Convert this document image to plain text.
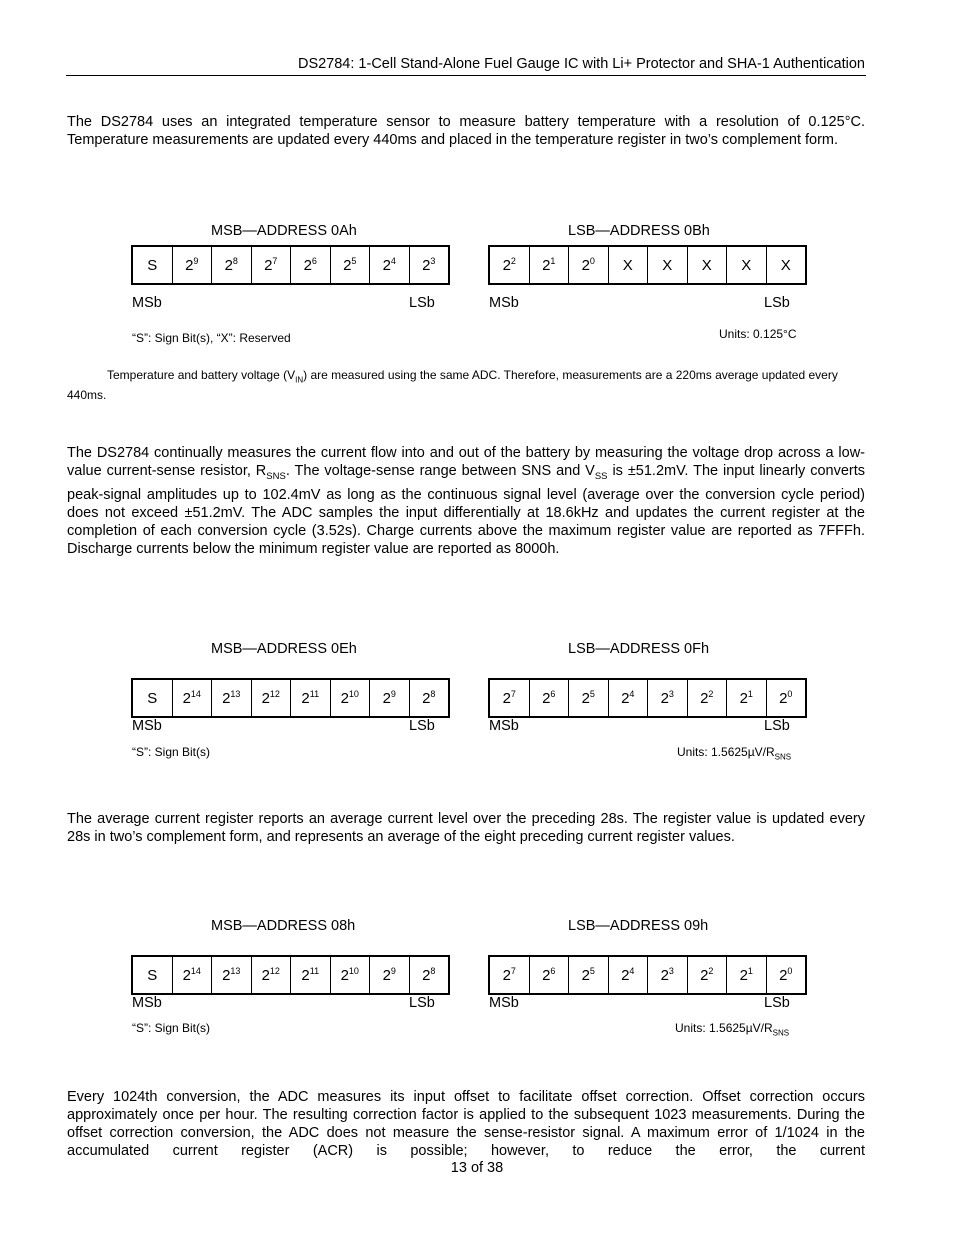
DS2784: 1-Cell Stand-Alone Fuel Gauge IC with Li+ Protector and SHA-1 Authentication

The DS2784 uses an integrated temperature sensor to measure battery temperature with a resolution of 0.125°C. Temperature measurements are updated every 440ms and placed in the temperature register in two’s complement form.

MSB—ADDRESS 0Ah	LSB—ADDRESS 0Bh
S	$2^9$	$2^8$	$2^7$	$2^6$	$2^5$	$2^4$	$2^3$	$2^2$	$2^1$	$2^0$	X	X	X	X	X
MSb	LSb	MSb	LSb
“S”: Sign Bit(s), “X”: Reserved	Units: 0.125°C

Temperature and battery voltage $(V_{IN})$ are measured using the same ADC. Therefore, measurements are a 220ms average updated every 440ms.

The DS2784 continually measures the current flow into and out of the battery by measuring the voltage drop across a low-value current-sense resistor, $R_{SNS}$. The voltage-sense range between SNS and $V_{SS}$ is ±51.2mV. The input linearly converts peak-signal amplitudes up to 102.4mV as long as the continuous signal level (average over the conversion cycle period) does not exceed ±51.2mV. The ADC samples the input differentially at 18.6kHz and updates the current register at the completion of each conversion cycle (3.52s). Charge currents above the maximum register value are reported as 7FFFh. Discharge currents below the minimum register value are reported as 8000h.

MSB—ADDRESS 0Eh	LSB—ADDRESS 0Fh
S	$2^{14}$	$2^{13}$	$2^{12}$	$2^{11}$	$2^{10}$	$2^9$	$2^8$	$2^7$	$2^6$	$2^5$	$2^4$	$2^3$	$2^2$	$2^1$	$2^0$
MSb	LSb	MSb	LSb
“S”: Sign Bit(s)	Units: $1.5625\mu V/R_{SNS}$

The average current register reports an average current level over the preceding 28s. The register value is updated every 28s in two’s complement form, and represents an average of the eight preceding current register values.

MSB—ADDRESS 08h	LSB—ADDRESS 09h
S	$2^{14}$	$2^{13}$	$2^{12}$	$2^{11}$	$2^{10}$	$2^9$	$2^8$	$2^7$	$2^6$	$2^5$	$2^4$	$2^3$	$2^2$	$2^1$	$2^0$
MSb	LSb	MSb	LSb
“S”: Sign Bit(s)	Units: $1.5625\mu V/R_{SNS}$

Every 1024th conversion, the ADC measures its input offset to facilitate offset correction. Offset correction occurs approximately once per hour. The resulting correction factor is applied to the subsequent 1023 measurements. During the offset correction conversion, the ADC does not measure the sense-resistor signal. A maximum error of 1/1024 in the accumulated current register (ACR) is possible; however, to reduce the error, the current

13 of 38
